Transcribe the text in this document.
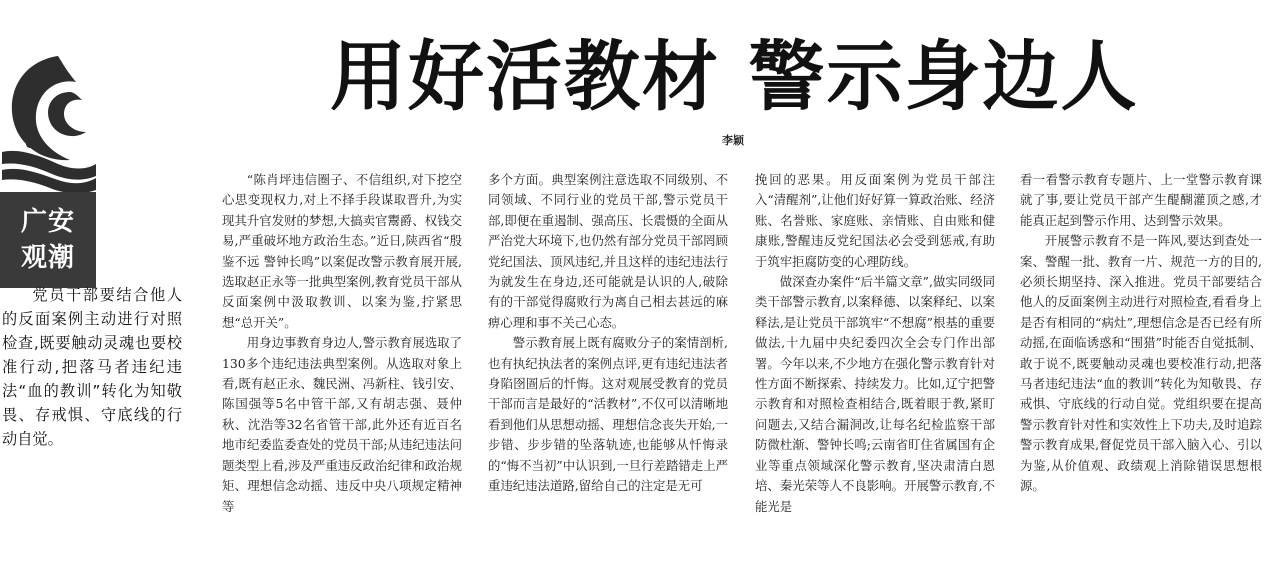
广安
观潮
用好活教材 警示身边人
李颖
党员干部要结合他人的反面案例主动进行对照检查,既要触动灵魂也要校准行动,把落马者违纪违法“血的教训”转化为知敬畏、存戒惧、守底线的行动自觉。

“陈肖坪违信圈子、不信组织,对下挖空心思变现权力,对上不择手段谋取晋升,为实现其升官发财的梦想,大搞卖官鬻爵、权钱交易,严重破坏地方政治生态。”近日,陕西省“殷鉴不远 警钟长鸣”以案促改警示教育展开展,选取赵正永等一批典型案例,教育党员干部从反面案例中汲取教训、以案为鉴,拧紧思想“总开关”。

用身边事教育身边人,警示教育展选取了130多个违纪违法典型案例。从选取对象上看,既有赵正永、魏民洲、冯新柱、钱引安、陈国强等5名中管干部,又有胡志强、聂仲秋、沈浩等32名省管干部,此外还有近百名地市纪委监委查处的党员干部;从违纪违法问题类型上看,涉及严重违反政治纪律和政治规矩、理想信念动摇、违反中央八项规定精神等

多个方面。典型案例注意选取不同级别、不同领域、不同行业的党员干部,警示党员干部,即便在重遏制、强高压、长震慑的全面从严治党大环境下,也仍然有部分党员干部罔顾党纪国法、顶风违纪,并且这样的违纪违法行为就发生在身边,还可能就是认识的人,破除有的干部觉得腐败行为离自己相去甚远的麻痹心理和事不关己心态。

警示教育展上既有腐败分子的案情剖析,也有执纪执法者的案例点评,更有违纪违法者身陷囹圄后的忏悔。这对观展受教育的党员干部而言是最好的“活教材”,不仅可以清晰地看到他们从思想动摇、理想信念丧失开始,一步错、步步错的坠落轨迹,也能够从忏悔录的“悔不当初”中认识到,一旦行差踏错走上严重违纪违法道路,留给自己的注定是无可

挽回的恶果。用反面案例为党员干部注入“清醒剂”,让他们好好算一算政治账、经济账、名誉账、家庭账、亲情账、自由账和健康账,警醒违反党纪国法必会受到惩戒,有助于筑牢拒腐防变的心理防线。

做深查办案件“后半篇文章”,做实同级同类干部警示教育,以案释德、以案释纪、以案释法,是让党员干部筑牢“不想腐”根基的重要做法,十九届中央纪委四次全会专门作出部署。今年以来,不少地方在强化警示教育针对性方面不断探索、持续发力。比如,辽宁把警示教育和对照检查相结合,既着眼于教,紧盯问题去,又结合漏洞改,让每名纪检监察干部防微杜渐、警钟长鸣;云南省盯住省属国有企业等重点领域深化警示教育,坚决肃清白恩培、秦光荣等人不良影响。开展警示教育,不能光是

看一看警示教育专题片、上一堂警示教育课就了事,要让党员干部产生醍醐灌顶之感,才能真正起到警示作用、达到警示效果。

开展警示教育不是一阵风,要达到查处一案、警醒一批、教育一片、规范一方的目的,必须长期坚持、深入推进。党员干部要结合他人的反面案例主动进行对照检查,看看身上是否有相同的“病灶”,理想信念是否已经有所动摇,在面临诱惑和“围猎”时能否自觉抵制、敢于说不,既要触动灵魂也要校准行动,把落马者违纪违法“血的教训”转化为知敬畏、存戒惧、守底线的行动自觉。党组织要在提高警示教育针对性和实效性上下功夫,及时追踪警示教育成果,督促党员干部入脑入心、引以为鉴,从价值观、政绩观上消除错误思想根源。
